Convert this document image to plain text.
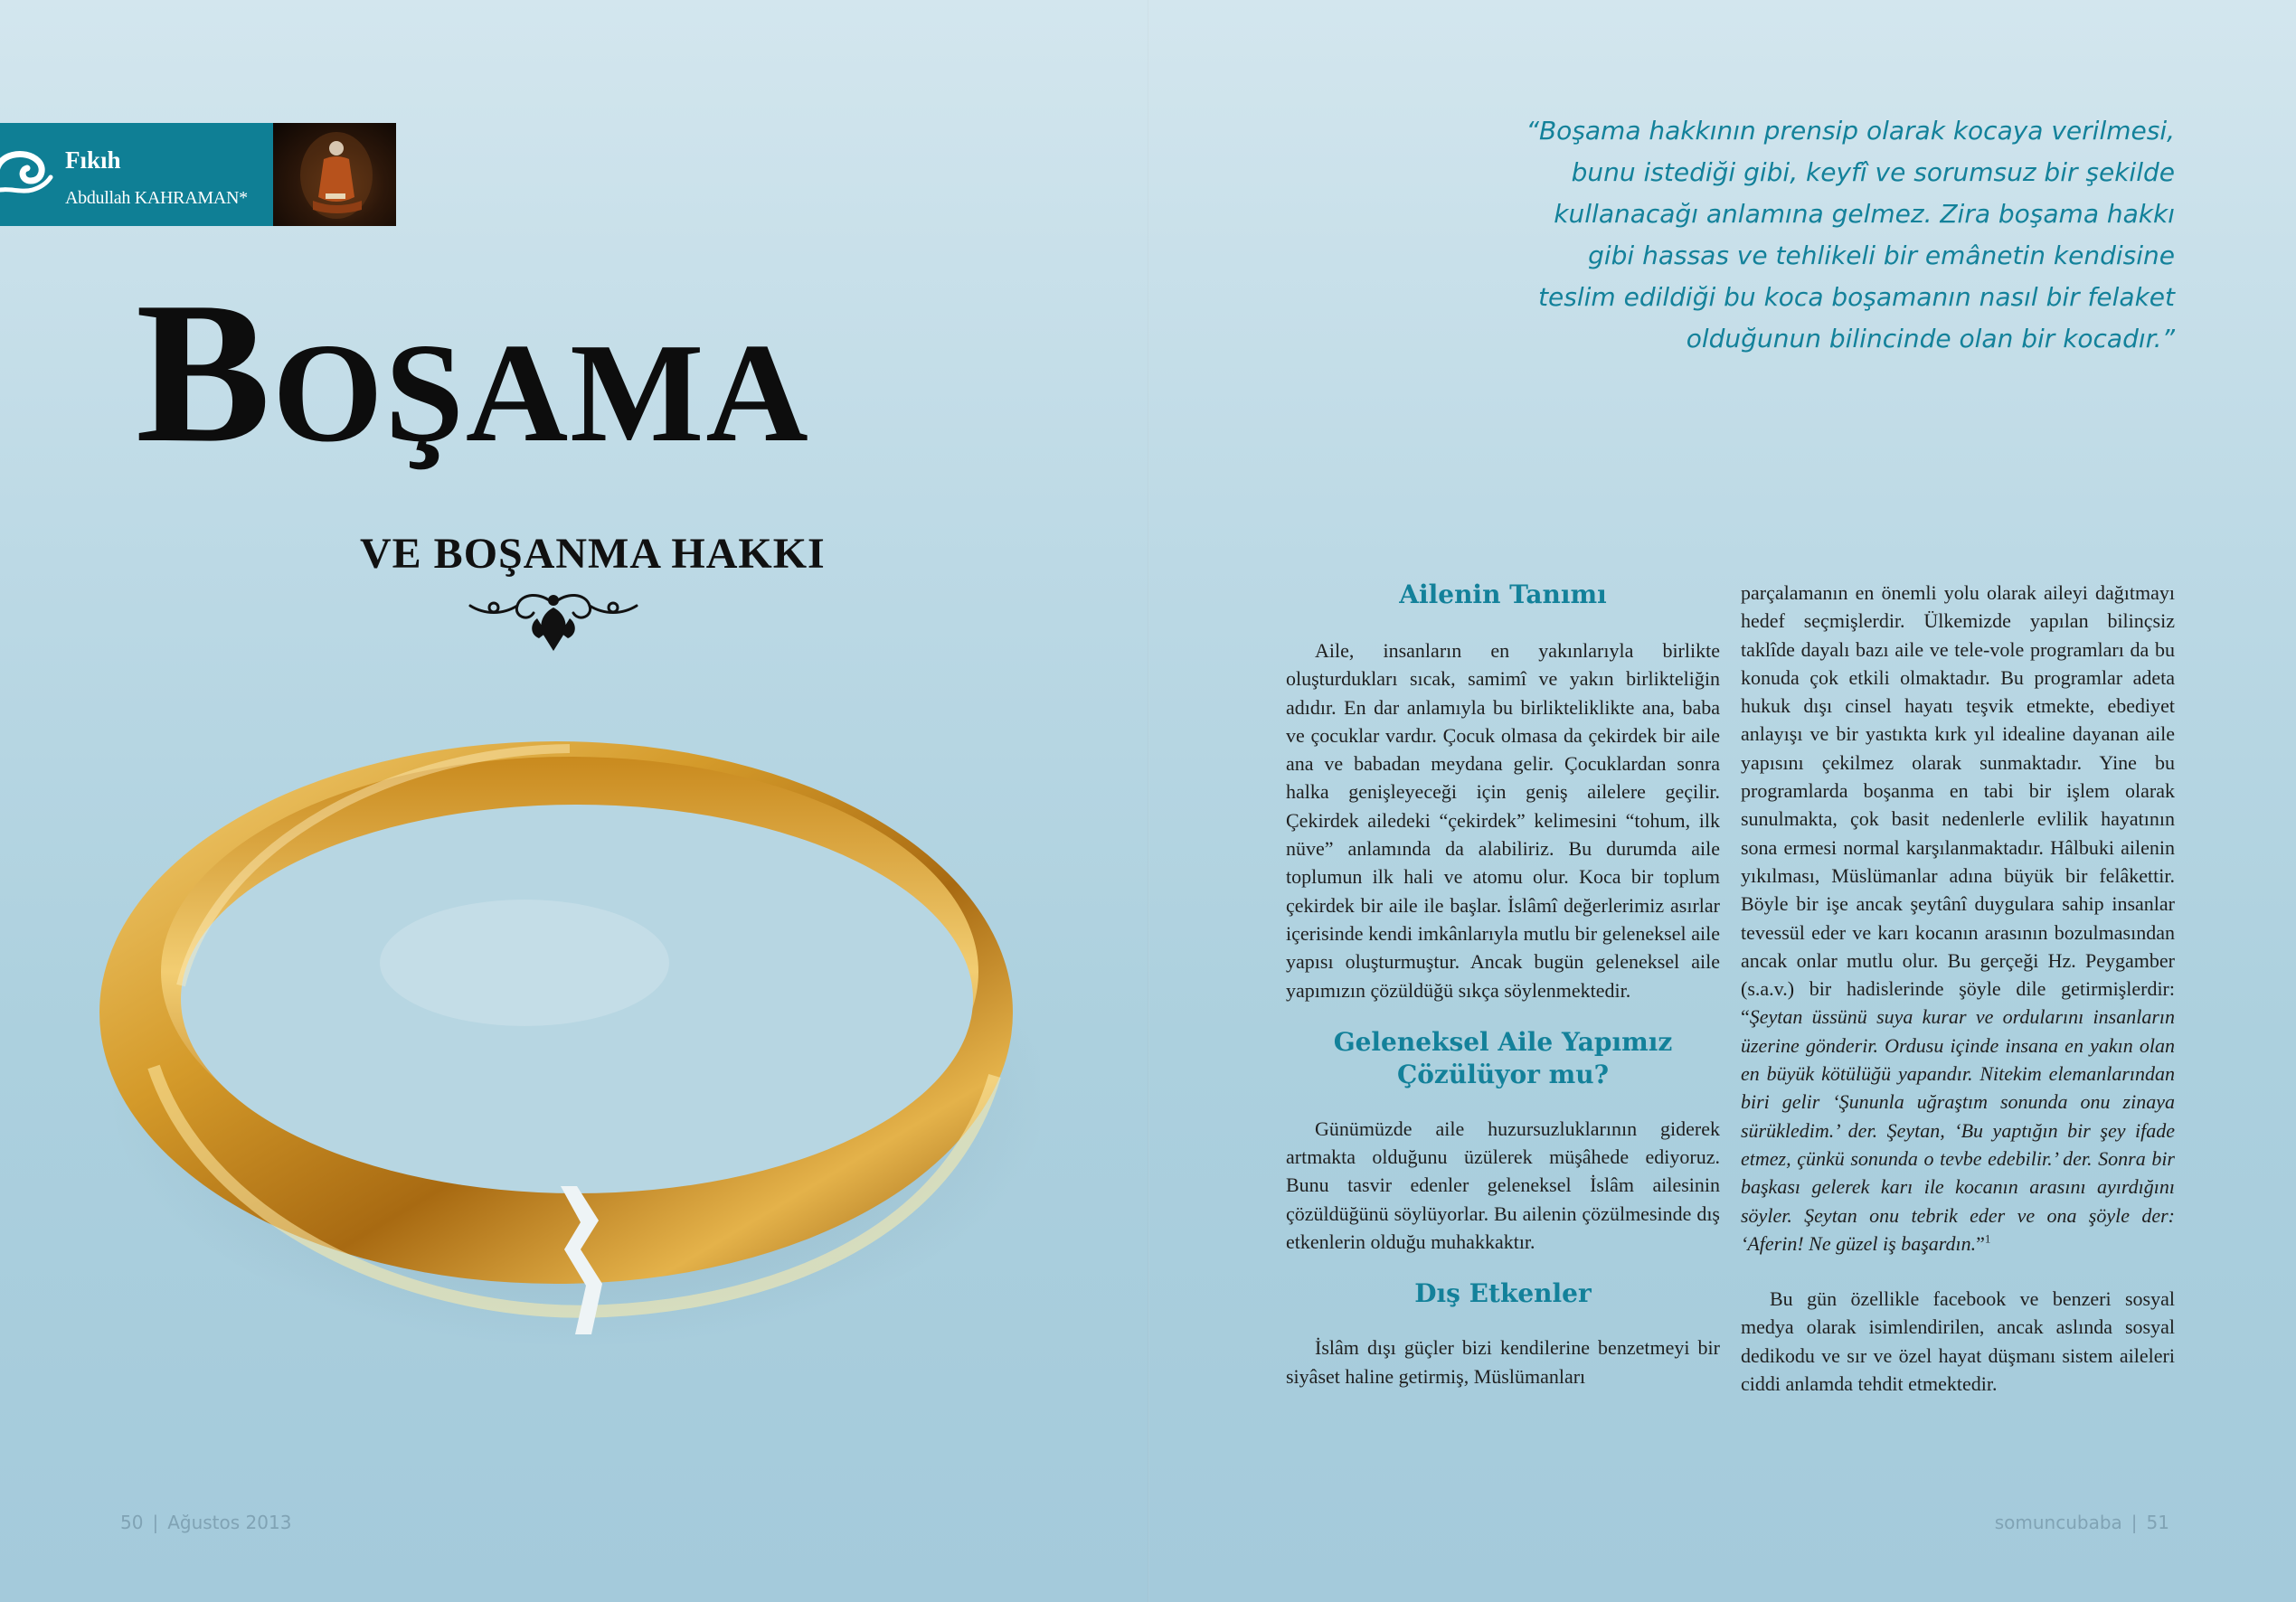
Fıkıh
Abdullah KAHRAMAN*
Boşama
VE BOŞANMA HAKKI

“Boşama hakkının prensip olarak kocaya verilmesi, bunu istediği gibi, keyfî ve sorumsuz bir şekilde kullanacağı anlamına gelmez. Zira boşama hakkı gibi hassas ve tehlikeli bir emânetin kendisine teslim edildiği bu koca boşamanın nasıl bir felaket olduğunun bilincinde olan bir kocadır.”

Ailenin Tanımı

Aile, insanların en yakınlarıyla birlikte oluşturdukları sıcak, samimî ve yakın birlikteliğin adıdır. En dar anlamıyla bu birlikteliklikte ana, baba ve çocuklar vardır. Çocuk olmasa da çekirdek bir aile ana ve babadan meydana gelir. Çocuklardan sonra halka genişleyeceği için geniş ailelere geçilir. Çekirdek ailedeki “çekirdek” kelimesini “tohum, ilk nüve” anlamında da alabiliriz. Bu durumda aile toplumun ilk hali ve atomu olur. Koca bir toplum çekirdek bir aile ile başlar. İslâmî değerlerimiz asırlar içerisinde kendi imkânlarıyla mutlu bir geleneksel aile yapısı oluşturmuştur. Ancak bugün geleneksel aile yapımızın çözüldüğü sıkça söylenmektedir.

Geleneksel Aile Yapımız Çözülüyor mu?

Günümüzde aile huzursuzluklarının giderek artmakta olduğunu üzülerek müşâhede ediyoruz. Bunu tasvir edenler geleneksel İslâm ailesinin çözüldüğünü söylüyorlar. Bu ailenin çözülmesinde dış etkenlerin olduğu muhakkaktır.

Dış Etkenler

İslâm dışı güçler bizi kendilerine benzetmeyi bir siyâset haline getirmiş, Müslümanları

parçalamanın en önemli yolu olarak aileyi dağıtmayı hedef seçmişlerdir. Ülkemizde yapılan bilinçsiz taklîde dayalı bazı aile ve tele-vole programları da bu konuda çok etkili olmaktadır. Bu programlar adeta hukuk dışı cinsel hayatı teşvik etmekte, ebediyet anlayışı ve bir yastıkta kırk yıl idealine dayanan aile yapısını çekilmez olarak sunmaktadır. Yine bu programlarda boşanma en tabi bir işlem olarak sunulmakta, çok basit nedenlerle evlilik hayatının sona ermesi normal karşılanmaktadır. Hâlbuki ailenin yıkılması, Müslümanlar adına büyük bir felâkettir. Böyle bir işe ancak şeytânî duygulara sahip insanlar tevessül eder ve karı kocanın arasının bozulmasından ancak onlar mutlu olur. Bu gerçeği Hz. Peygamber (s.a.v.) bir hadislerinde şöyle dile getirmişlerdir: “Şeytan üssünü suya kurar ve ordularını insanların üzerine gönderir. Ordusu içinde insana en yakın olan en büyük kötülüğü yapandır. Nitekim elemanlarından biri gelir ‘Şununla uğraştım sonunda onu zinaya sürükledim.’ der. Şeytan, ‘Bu yaptığın bir şey ifade etmez, çünkü sonunda o tevbe edebilir.’ der. Sonra bir başkası gelerek karı ile kocanın arasını ayırdığını söyler. Şeytan onu tebrik eder ve ona şöyle der: ‘Aferin! Ne güzel iş başardın.”$^1$

Bu gün özellikle facebook ve benzeri sosyal medya olarak isimlendirilen, ancak aslında sosyal dedikodu ve sır ve özel hayat düşmanı sistem aileleri ciddi anlamda tehdit etmektedir.

50 | Ağustos 2013	somuncubaba | 51
